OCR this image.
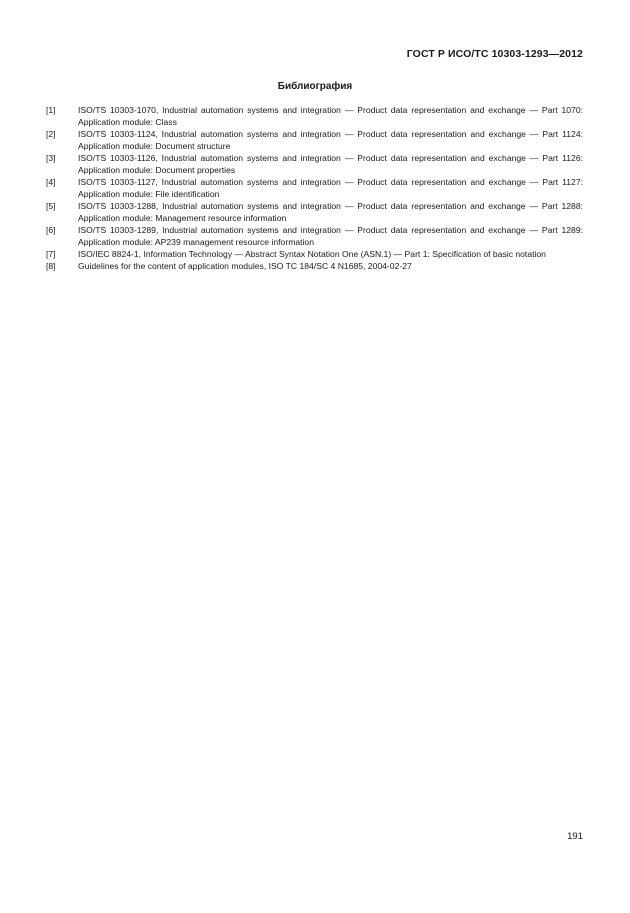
ГОСТ Р ИСО/ТС 10303-1293—2012
Библиография
[1]	ISO/TS 10303-1070, Industrial automation systems and integration — Product data representation and exchange — Part 1070: Application module: Class
[2]	ISO/TS 10303-1124, Industrial automation systems and integration — Product data representation and exchange — Part 1124: Application module: Document structure
[3]	ISO/TS 10303-1126, Industrial automation systems and integration — Product data representation and exchange — Part 1126: Application module: Document properties
[4]	ISO/TS 10303-1127, Industrial automation systems and integration — Product data representation and exchange — Part 1127: Application module: File identification
[5]	ISO/TS 10303-1288, Industrial automation systems and integration — Product data representation and exchange — Part 1288: Application module: Management resource information
[6]	ISO/TS 10303-1289, Industrial automation systems and integration — Product data representation and exchange — Part 1289: Application module: AP239 management resource information
[7]	ISO/IEC 8824-1, Information Technology — Abstract Syntax Notation One (ASN.1) — Part 1: Specification of basic notation
[8]	Guidelines for the content of application modules, ISO TC 184/SC 4 N1685, 2004-02-27
191
